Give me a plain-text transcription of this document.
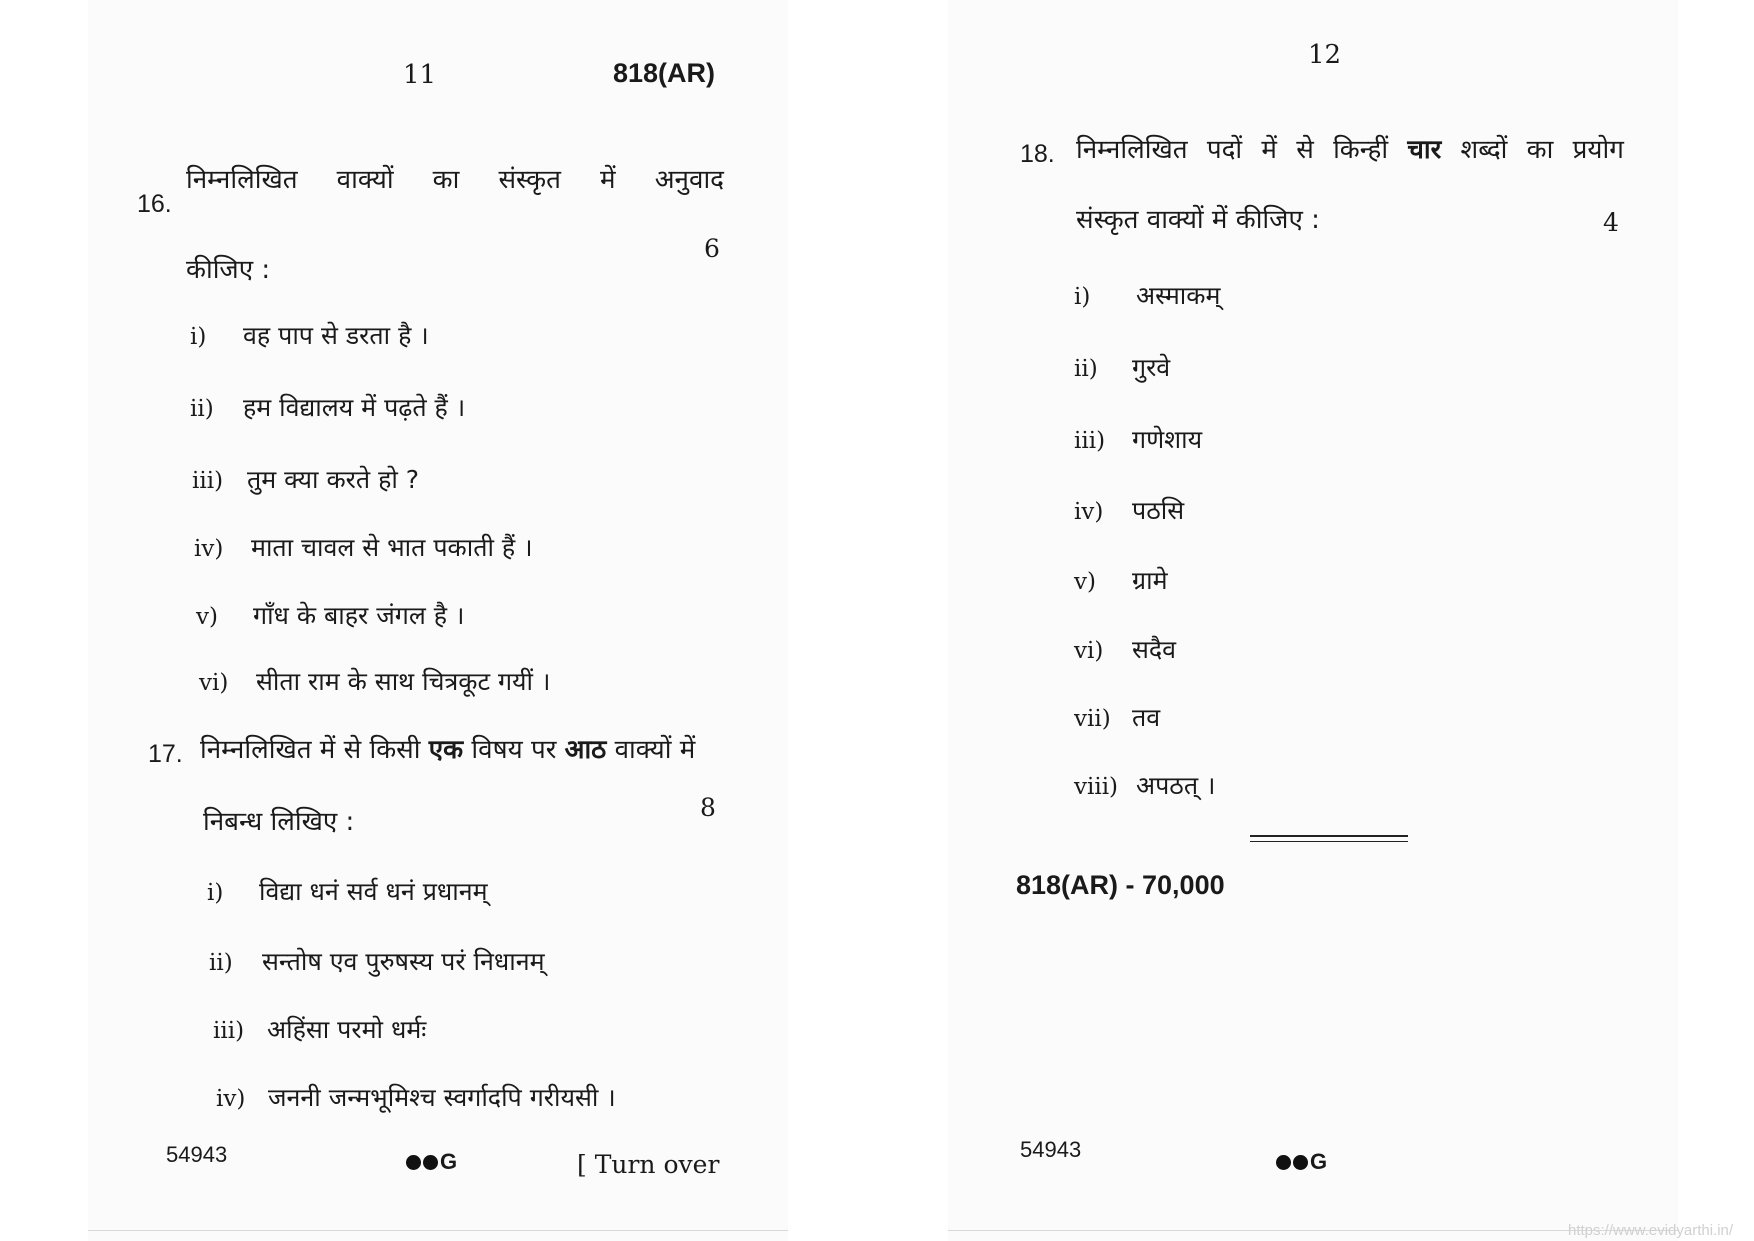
11	818(AR)
16.
निम्नलिखित वाक्यों का संस्कृत में अनुवाद
कीजिए :
6
i) वह पाप से डरता है ।
ii) हम विद्यालय में पढ़ते हैं ।
iii) तुम क्या करते हो ?
iv) माता चावल से भात पकाती हैं ।
v) गाँध के बाहर जंगल है ।
vi) सीता राम के साथ चित्रकूट गयीं ।
17. निम्नलिखित में से किसी एक विषय पर आठ वाक्यों में
निबन्ध लिखिए :	8
i) विद्या धनं सर्व धनं प्रधानम्
ii) सन्तोष एव पुरुषस्य परं निधानम्
iii) अहिंसा परमो धर्मः
iv) जननी जन्मभूमिश्च स्वर्गादपि गरीयसी ।
54943	G	[ Turn over
12
18. निम्नलिखित पदों में से किन्हीं चार शब्दों का प्रयोग
संस्कृत वाक्यों में कीजिए :	4
i) अस्माकम्
ii) गुरवे
iii) गणेशाय
iv) पठसि
v) ग्रामे
vi) सदैव
vii) तव
viii) अपठत् ।
818(AR) - 70,000
54943	G
https://www.evidyarthi.in/
